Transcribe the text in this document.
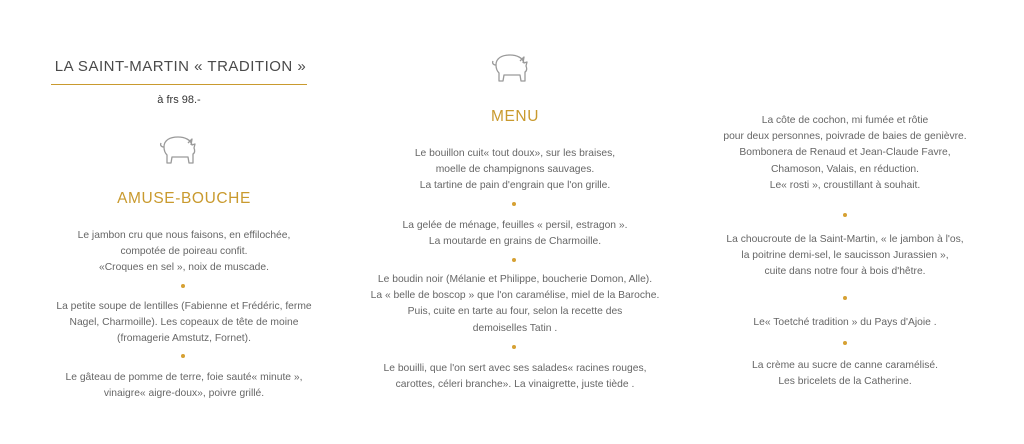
LA SAINT-MARTIN « TRADITION »
à frs 98.-
AMUSE-BOUCHE
Le jambon cru que nous faisons, en effilochée,
compotée de poireau confit.
«Croques en sel », noix de muscade.
La petite soupe de lentilles (Fabienne et Frédéric, ferme
Nagel, Charmoille). Les copeaux de tête de moine
(fromagerie Amstutz, Fornet).
Le gâteau de pomme de terre, foie sauté« minute »,
vinaigre« aigre-doux», poivre grillé.
MENU
Le bouillon cuit« tout doux», sur les braises,
moelle de champignons sauvages.
La tartine de pain d'engrain que l'on grille.
La gelée de ménage, feuilles « persil, estragon ».
La moutarde en grains de Charmoille.
Le boudin noir (Mélanie et Philippe, boucherie Domon, Alle).
La « belle de boscop » que l'on caramélise, miel de la Baroche.
Puis, cuite en tarte au four, selon la recette des
demoiselles Tatin .
Le bouilli, que l'on sert avec ses salades« racines rouges,
carottes, céleri branche». La vinaigrette, juste tiède .
La côte de cochon, mi fumée et rôtie
pour deux personnes, poivrade de baies de genièvre.
Bombonera de Renaud et Jean-Claude Favre,
Chamoson, Valais, en réduction.
Le« rosti », croustillant à souhait.
La choucroute de la Saint-Martin, « le jambon à l'os,
la poitrine demi-sel, le saucisson Jurassien »,
cuite dans notre four à bois d'hêtre.
Le« Toetché tradition » du Pays d'Ajoie .
La crème au sucre de canne caramélisé.
Les bricelets de la Catherine.
